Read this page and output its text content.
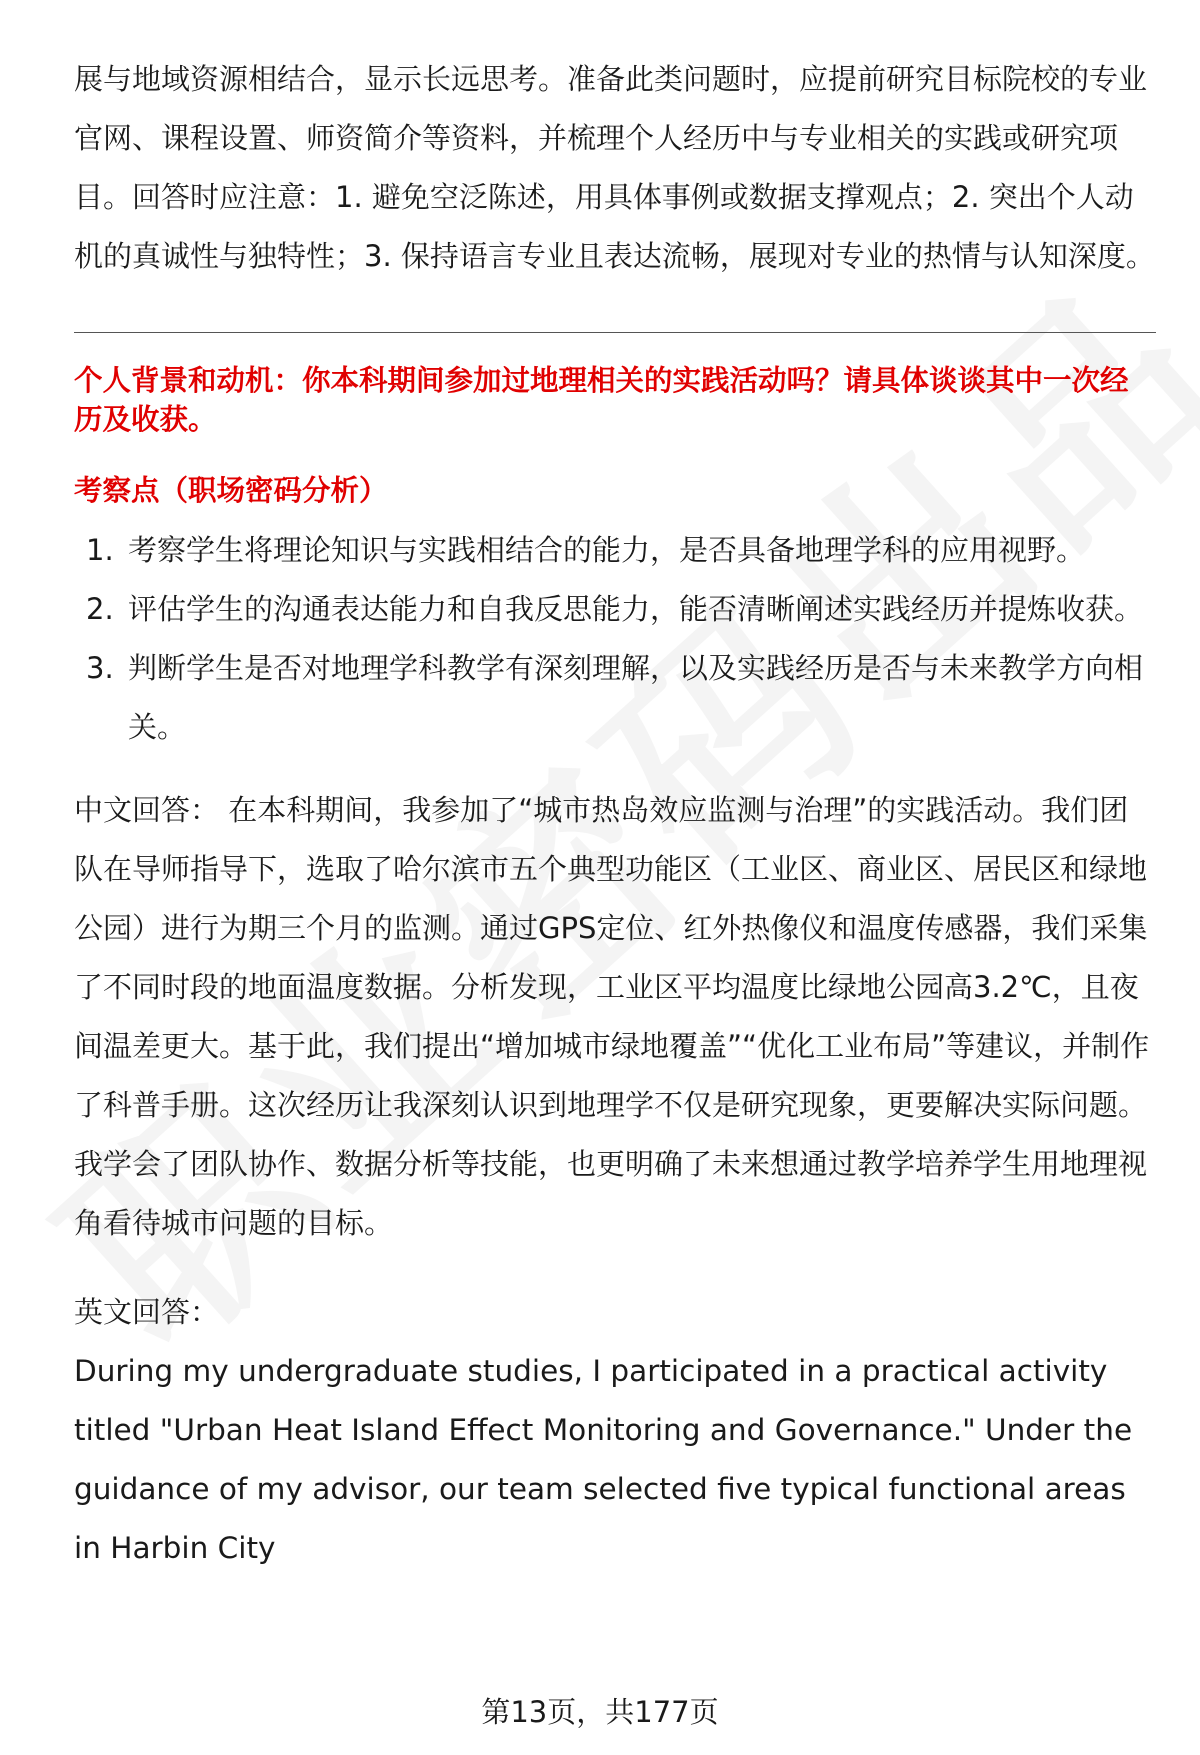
展与地域资源相结合，显示长远思考。准备此类问题时，应提前研究目标院校的专业官网、课程设置、师资简介等资料，并梳理个人经历中与专业相关的实践或研究项目。回答时应注意：1. 避免空泛陈述，用具体事例或数据支撑观点；2. 突出个人动机的真诚性与独特性；3. 保持语言专业且表达流畅，展现对专业的热情与认知深度。

个人背景和动机：你本科期间参加过地理相关的实践活动吗？请具体谈谈其中一次经历及收获。

考察点（职场密码分析）

1. 考察学生将理论知识与实践相结合的能力，是否具备地理学科的应用视野。
2. 评估学生的沟通表达能力和自我反思能力，能否清晰阐述实践经历并提炼收获。
3. 判断学生是否对地理学科教学有深刻理解，以及实践经历是否与未来教学方向相关。

中文回答： 在本科期间，我参加了“城市热岛效应监测与治理”的实践活动。我们团队在导师指导下，选取了哈尔滨市五个典型功能区（工业区、商业区、居民区和绿地公园）进行为期三个月的监测。通过GPS定位、红外热像仪和温度传感器，我们采集了不同时段的地面温度数据。分析发现，工业区平均温度比绿地公园高3.2℃，且夜间温差更大。基于此，我们提出“增加城市绿地覆盖”“优化工业布局”等建议，并制作了科普手册。这次经历让我深刻认识到地理学不仅是研究现象，更要解决实际问题。我学会了团队协作、数据分析等技能，也更明确了未来想通过教学培养学生用地理视角看待城市问题的目标。

英文回答：

During my undergraduate studies, I participated in a practical activity titled "Urban Heat Island Effect Monitoring and Governance." Under the guidance of my advisor, our team selected five typical functional areas in Harbin City

第13页，共177页
